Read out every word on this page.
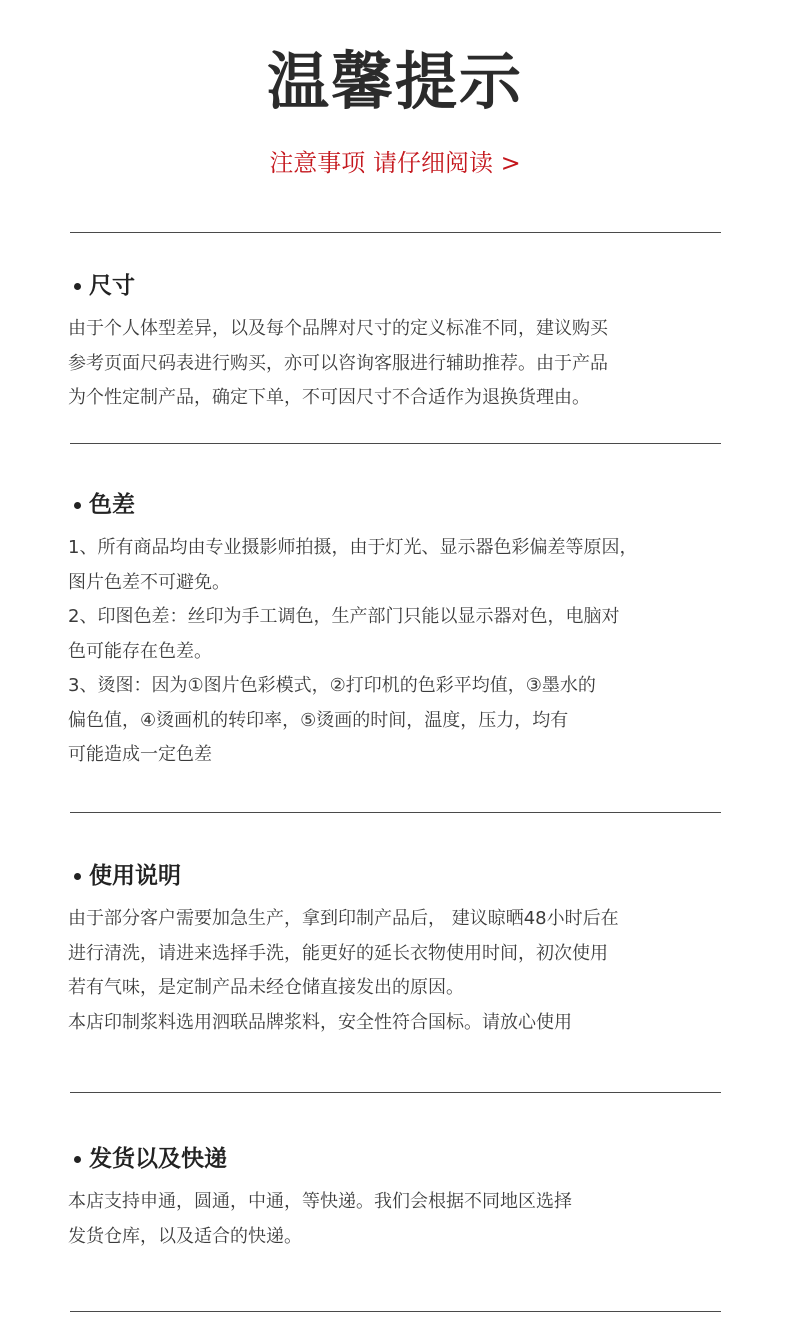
温馨提示
注意事项 请仔细阅读 >
尺寸

由于个人体型差异，以及每个品牌对尺寸的定义标准不同，建议购买

参考页面尺码表进行购买，亦可以咨询客服进行辅助推荐。由于产品

为个性定制产品，确定下单，不可因尺寸不合适作为退换货理由。

色差

1、所有商品均由专业摄影师拍摄，由于灯光、显示器色彩偏差等原因，

图片色差不可避免。

2、印图色差：丝印为手工调色，生产部门只能以显示器对色，电脑对

色可能存在色差。

3、烫图：因为①图片色彩模式，②打印机的色彩平均值，③墨水的

偏色值，④烫画机的转印率，⑤烫画的时间，温度，压力，均有

可能造成一定色差

使用说明

由于部分客户需要加急生产，拿到印制产品后， 建议晾晒48小时后在

进行清洗，请进来选择手洗，能更好的延长衣物使用时间，初次使用

若有气味，是定制产品未经仓储直接发出的原因。

本店印制浆料选用泗联品牌浆料，安全性符合国标。请放心使用

发货以及快递

本店支持申通，圆通，中通，等快递。我们会根据不同地区选择

发货仓库，以及适合的快递。
